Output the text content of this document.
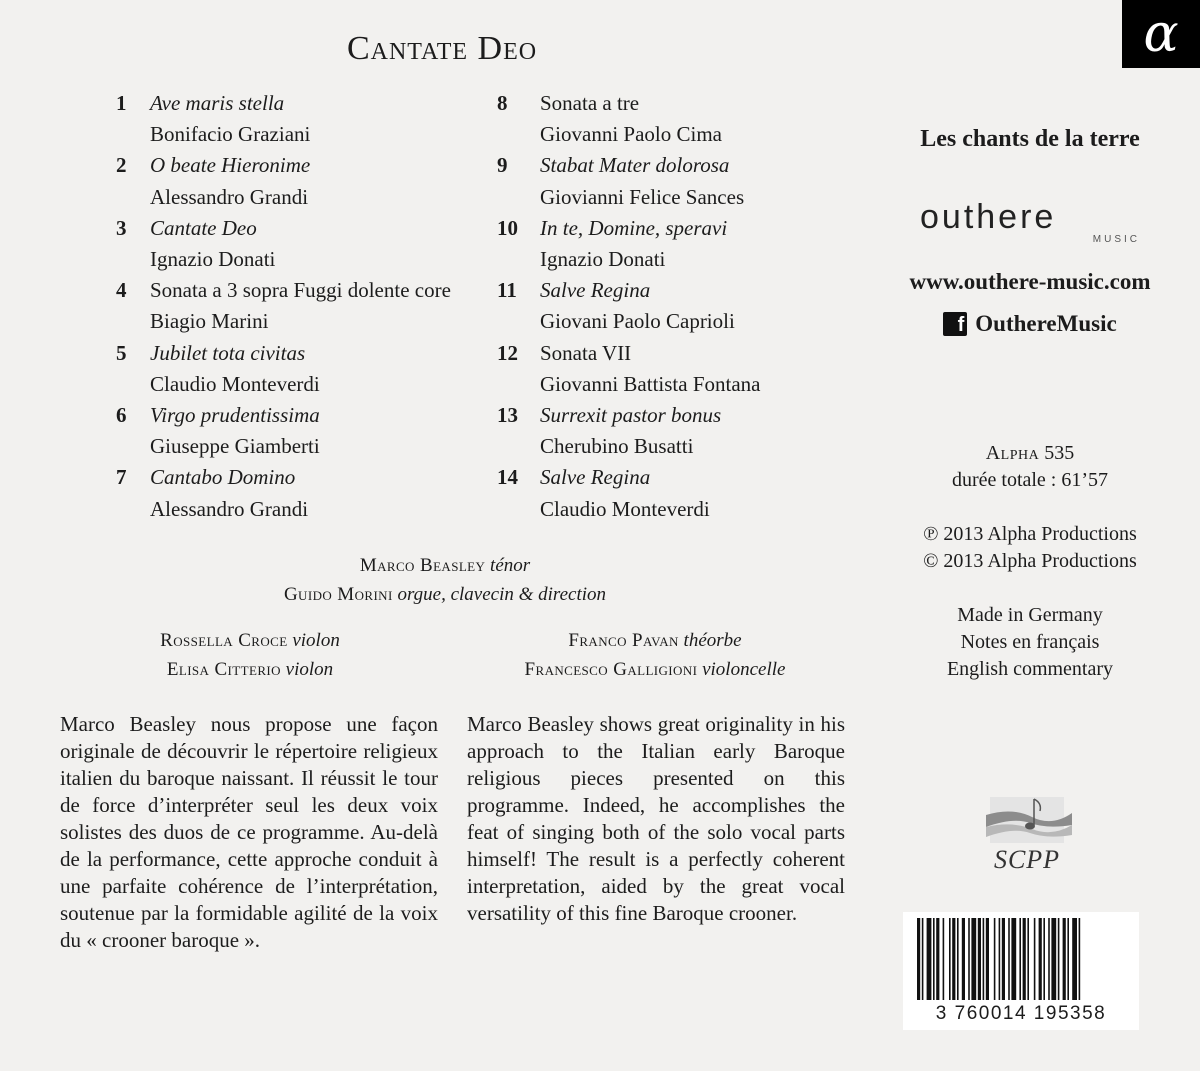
Cantate Deo
1 Ave maris stella
Bonifacio Graziani
2 O beate Hieronime
Alessandro Grandi
3 Cantate Deo
Ignazio Donati
4 Sonata a 3 sopra Fuggi dolente core
Biagio Marini
5 Jubilet tota civitas
Claudio Monteverdi
6 Virgo prudentissima
Giuseppe Giamberti
7 Cantabo Domino
Alessandro Grandi
8 Sonata a tre
Giovanni Paolo Cima
9 Stabat Mater dolorosa
Giovianni Felice Sances
10 In te, Domine, speravi
Ignazio Donati
11 Salve Regina
Giovani Paolo Caprioli
12 Sonata VII
Giovanni Battista Fontana
13 Surrexit pastor bonus
Cherubino Busatti
14 Salve Regina
Claudio Monteverdi
Marco Beasley ténor
Guido Morini orgue, clavecin & direction
Rossella Croce violon
Elisa Citterio violon
Franco Pavan théorbe
Francesco Galligioni violoncelle
Marco Beasley nous propose une façon originale de découvrir le répertoire religieux italien du baroque naissant. Il réussit le tour de force d’interpréter seul les deux voix solistes des duos de ce programme. Au-delà de la performance, cette approche conduit à une parfaite cohérence de l’interprétation, soutenue par la formidable agilité de la voix du « crooner baroque ».
Marco Beasley shows great originality in his approach to the Italian early Baroque religious pieces presented on this programme. Indeed, he accomplishes the feat of singing both of the solo vocal parts himself! The result is a perfectly coherent interpretation, aided by the great vocal versatility of this fine Baroque crooner.
α
Les chants de la terre
outhere
MUSIC
www.outhere-music.com
f OuthereMusic
Alpha 535
durée totale : 61’57
℗ 2013 Alpha Productions
© 2013 Alpha Productions
Made in Germany
Notes en français
English commentary
SCPP
3 760014 195358
